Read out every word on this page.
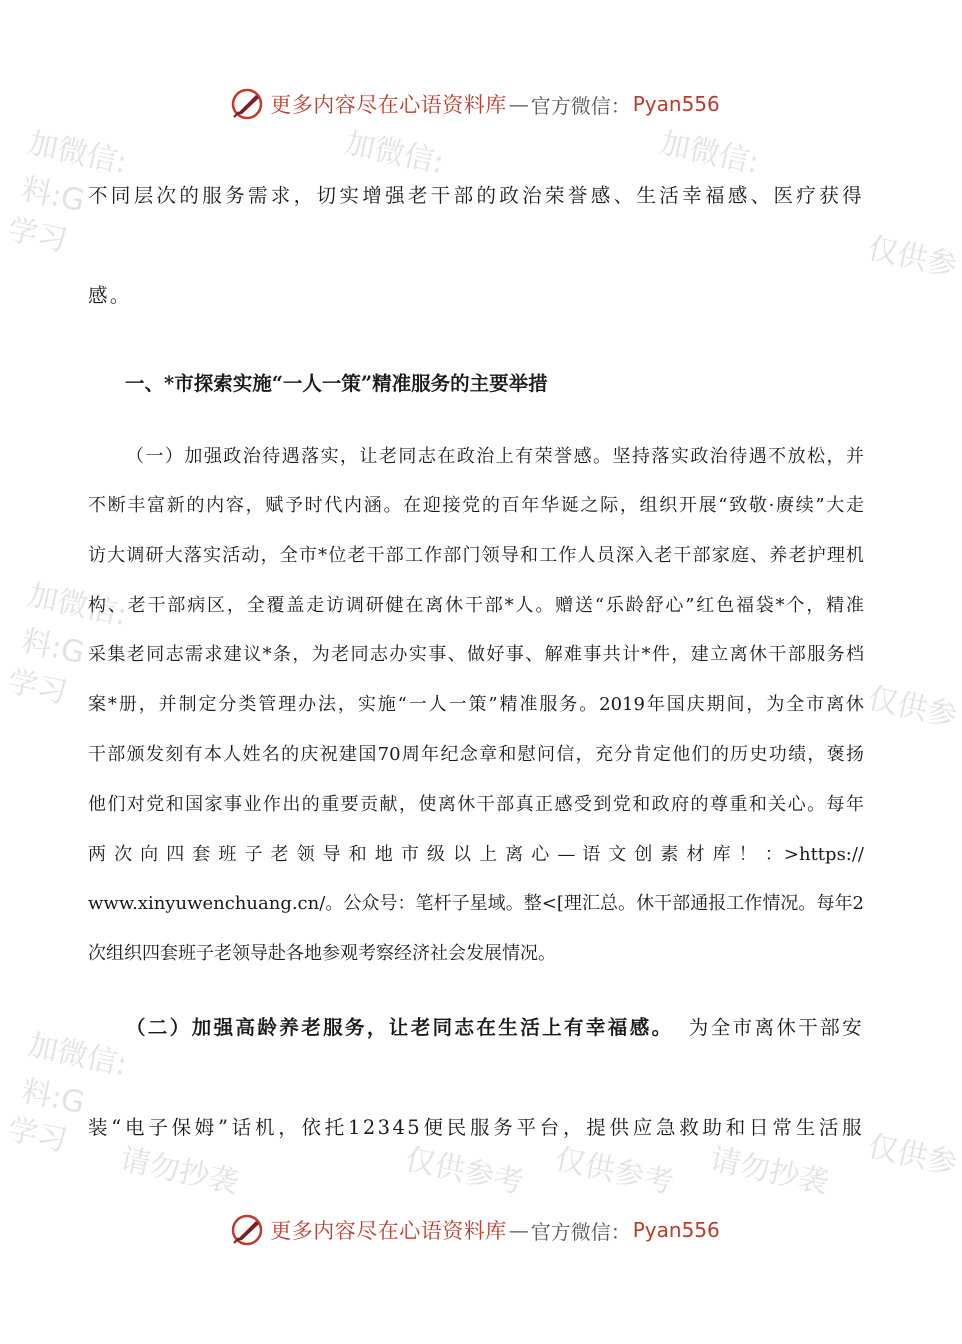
加微信:	加微信:	加微信:
料:G
学习	仅供参
加微信:
料:G
学习	仅供参
加微信:
料:G
学习	仅供参
仅供参考
请勿抄袭	请勿抄袭
仅供参考
更多内容尽在心语资料库 — 官方微信： Pyan556
不同层次的服务需求，切实增强老干部的政治荣誉感、生活幸福感、医疗获得
感。
一、*市探索实施“一人一策”精准服务的主要举措
（一）加强政治待遇落实，让老同志在政治上有荣誉感。坚持落实政治待遇不放松，并
不断丰富新的内容，赋予时代内涵。在迎接党的百年华诞之际，组织开展“致敬·赓续”大走
访大调研大落实活动，全市*位老干部工作部门领导和工作人员深入老干部家庭、养老护理机
构、老干部病区，全覆盖走访调研健在离休干部*人。赠送“乐龄舒心”红色福袋*个，精准
采集老同志需求建议*条，为老同志办实事、做好事、解难事共计*件，建立离休干部服务档
案*册，并制定分类管理办法，实施“一人一策”精准服务。2019年国庆期间，为全市离休
干部颁发刻有本人姓名的庆祝建国70周年纪念章和慰问信，充分肯定他们的历史功绩，褒扬
他们对党和国家事业作出的重要贡献，使离休干部真正感受到党和政府的尊重和关心。每年
两 次 向 四 套 班 子 老 领 导 和 地 市 级 以 上 离 心 — 语 文 创 素 材 库 ！ ：>https://
www.xinyuwenchuang.cn/。公众号：笔杆子星域。整<[理汇总。休干部通报工作情况。每年2
次组织四套班子老领导赴各地参观考察经济社会发展情况。
（二）加强高龄养老服务，让老同志在生活上有幸福感。 为全市离休干部安
装“电子保姆”话机，依托12345便民服务平台，提供应急救助和日常生活服
更多内容尽在心语资料库 — 官方微信： Pyan556
